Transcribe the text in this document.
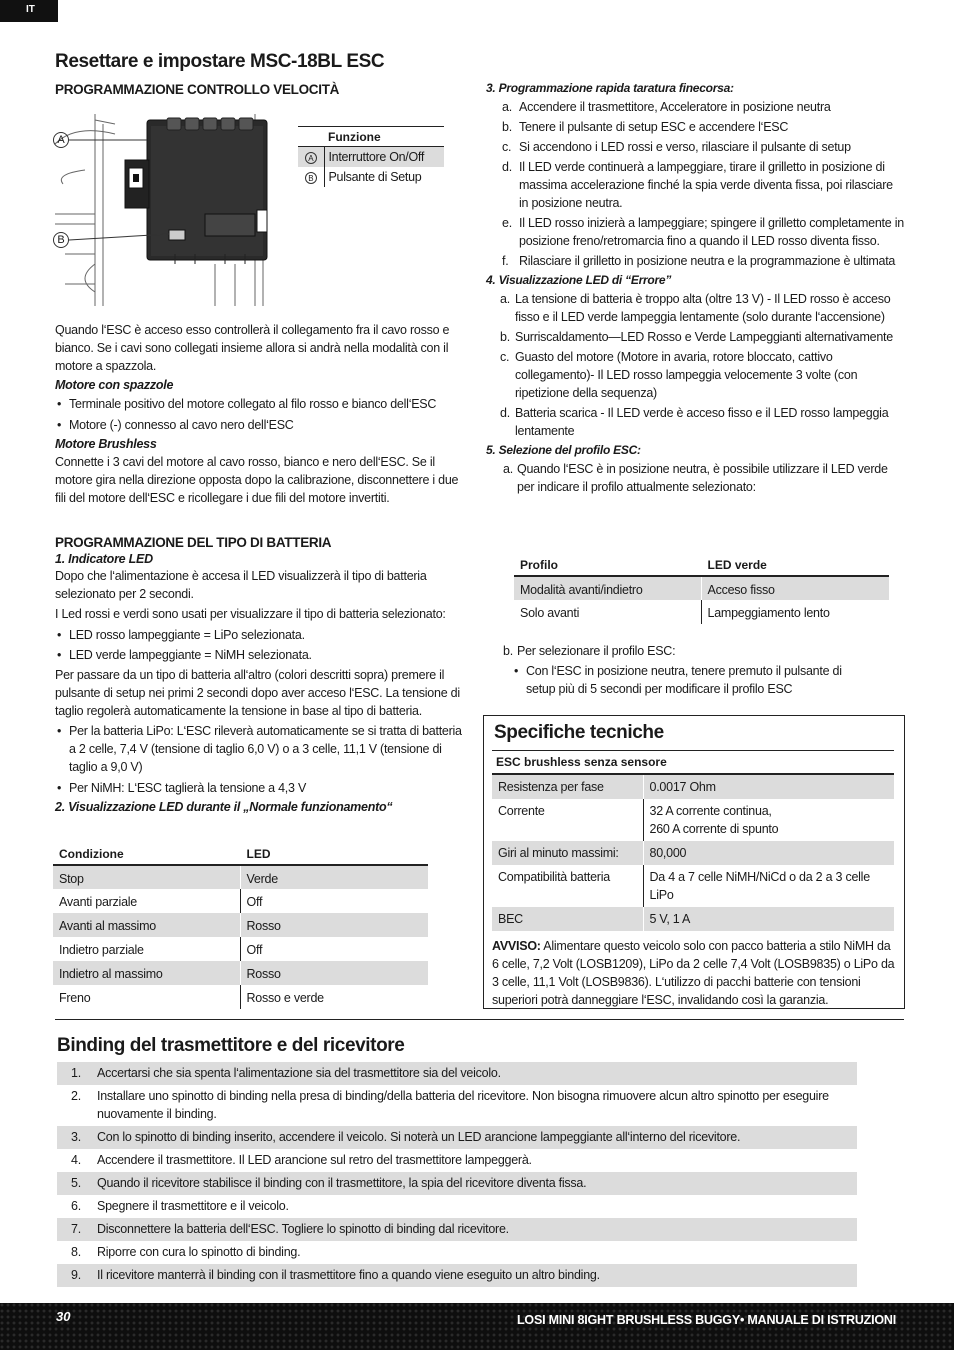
IT
Resettare e impostare MSC-18BL ESC
PROGRAMMAZIONE CONTROLLO VELOCITÀ
A
B
Funzione	
A	Interruttore On/Off
B	Pulsante di Setup

Quando l‘ESC è acceso esso controllerà il collegamento fra il cavo rosso e bianco. Se i cavi sono collegati insieme allora si andrà nella modalità con il motore a spazzola.

Motore con spazzole

• Terminale positivo del motore collegato al filo rosso e bianco dell‘ESC
• Motore (-) connesso al cavo nero dell‘ESC

Motore Brushless

Connette i 3 cavi del motore al cavo rosso, bianco e nero dell‘ESC. Se il motore gira nella direzione opposta dopo la calibrazione, disconnettere i due fili del motore dell‘ESC e ricollegare i due fili del motore invertiti.

PROGRAMMAZIONE DEL TIPO DI BATTERIA

1. Indicatore LED

Dopo che l‘alimentazione è accesa il LED visualizzerà il tipo di batteria selezionato per 2 secondi.

I Led rossi e verdi sono usati per visualizzare il tipo di batteria selezionato:

• LED rosso lampeggiante = LiPo selezionata.
• LED verde lampeggiante = NiMH selezionata.

Per passare da un tipo di batteria all‘altro (colori descritti sopra) premere il pulsante di setup nei primi 2 secondi dopo aver acceso l‘ESC. La tensione di taglio regolerà automaticamente la tensione in base al tipo di batteria.

• Per la batteria LiPo: L‘ESC rileverà automaticamente se si tratta di batteria a 2 celle, 7,4 V (tensione di taglio 6,0 V) o a 3 celle, 11,1 V (tensione di taglio a 9,0 V)
• Per NiMH: L‘ESC taglierà la tensione a 4,3 V

2. Visualizzazione LED durante il „Normale funzionamento“

Condizione	LED
Stop	Verde
Avanti parziale	Off
Avanti al massimo	Rosso
Indietro parziale	Off
Indietro al massimo	Rosso
Freno	Rosso e verde

3. Programmazione rapida taratura finecorsa:

a. Accendere il trasmettitore, Acceleratore in posizione neutra
b. Tenere il pulsante di setup ESC e accendere l‘ESC
c. Si accendono i LED rossi e verso, rilasciare il pulsante di setup
d. Il LED verde continuerà a lampeggiare, tirare il grilletto in posizione di massima accelerazione finché la spia verde diventa fissa, poi rilasciare in posizione neutra.
e. Il LED rosso inizierà a lampeggiare; spingere il grilletto completamente in posizione freno/retromarcia fino a quando il LED rosso diventa fisso.
f. Rilasciare il grilletto in posizione neutra e la programmazione è ultimata

4. Visualizzazione LED di “Errore”

a. La tensione di batteria è troppo alta (oltre 13 V) - Il LED rosso è acceso fisso e il LED verde lampeggia lentamente (solo durante l‘accensione)
b. Surriscaldamento—LED Rosso e Verde Lampeggianti alternativamente
c. Guasto del motore (Motore in avaria, rotore bloccato, cattivo collegamento)- Il LED rosso lampeggia velocemente 3 volte (con ripetizione della sequenza)
d. Batteria scarica - Il LED verde è acceso fisso e il LED rosso lampeggia lentamente

5. Selezione del profilo ESC:

a. Quando l‘ESC è in posizione neutra, è possibile utilizzare il LED verde per indicare il profilo attualmente selezionato:
Profilo	LED verde
Modalità avanti/indietro	Acceso fisso
Solo avanti	Lampeggiamento lento
b. Per selezionare il profilo ESC:
• Con l‘ESC in posizione neutra, tenere premuto il pulsante di setup più di 5 secondi per modificare il profilo ESC
Specifiche tecniche
ESC brushless senza sensore	
Resistenza per fase	0.0017 Ohm
Corrente	32 A corrente continua,
260 A corrente di spunto
Giri al minuto massimi:	80,000
Compatibilità batteria	Da 4 a 7 celle NiMH/NiCd o da 2 a 3 celle LiPo
BEC	5 V, 1 A

AVVISO: Alimentare questo veicolo solo con pacco batteria a stilo NiMH da 6 celle, 7,2 Volt (LOSB1209), LiPo da 2 celle 7,4 Volt (LOSB9835) o LiPo da 3 celle, 11,1 Volt (LOSB9836). L‘utilizzo di pacchi batterie con tensioni superiori potrà danneggiare l‘ESC, invalidando così la garanzia.

Binding del trasmettitore e del ricevitore
1. Accertarsi che sia spenta l‘alimentazione sia del trasmettitore sia del veicolo.
2. Installare uno spinotto di binding nella presa di binding/della batteria del ricevitore. Non bisogna rimuovere alcun altro spinotto per eseguire nuovamente il binding.
3. Con lo spinotto di binding inserito, accendere il veicolo. Si noterà un LED arancione lampeggiante all‘interno del ricevitore.
4. Accendere il trasmettitore. Il LED arancione sul retro del trasmettitore lampeggerà.
5. Quando il ricevitore stabilisce il binding con il trasmettitore, la spia del ricevitore diventa fissa.
6. Spegnere il trasmettitore e il veicolo.
7. Disconnettere la batteria dell‘ESC. Togliere lo spinotto di binding dal ricevitore.
8. Riporre con cura lo spinotto di binding.
9. Il ricevitore manterrà il binding con il trasmettitore fino a quando viene eseguito un altro binding.
30	LOSI MINI 8IGHT BRUSHLESS BUGGY• MANUALE DI ISTRUZIONI
